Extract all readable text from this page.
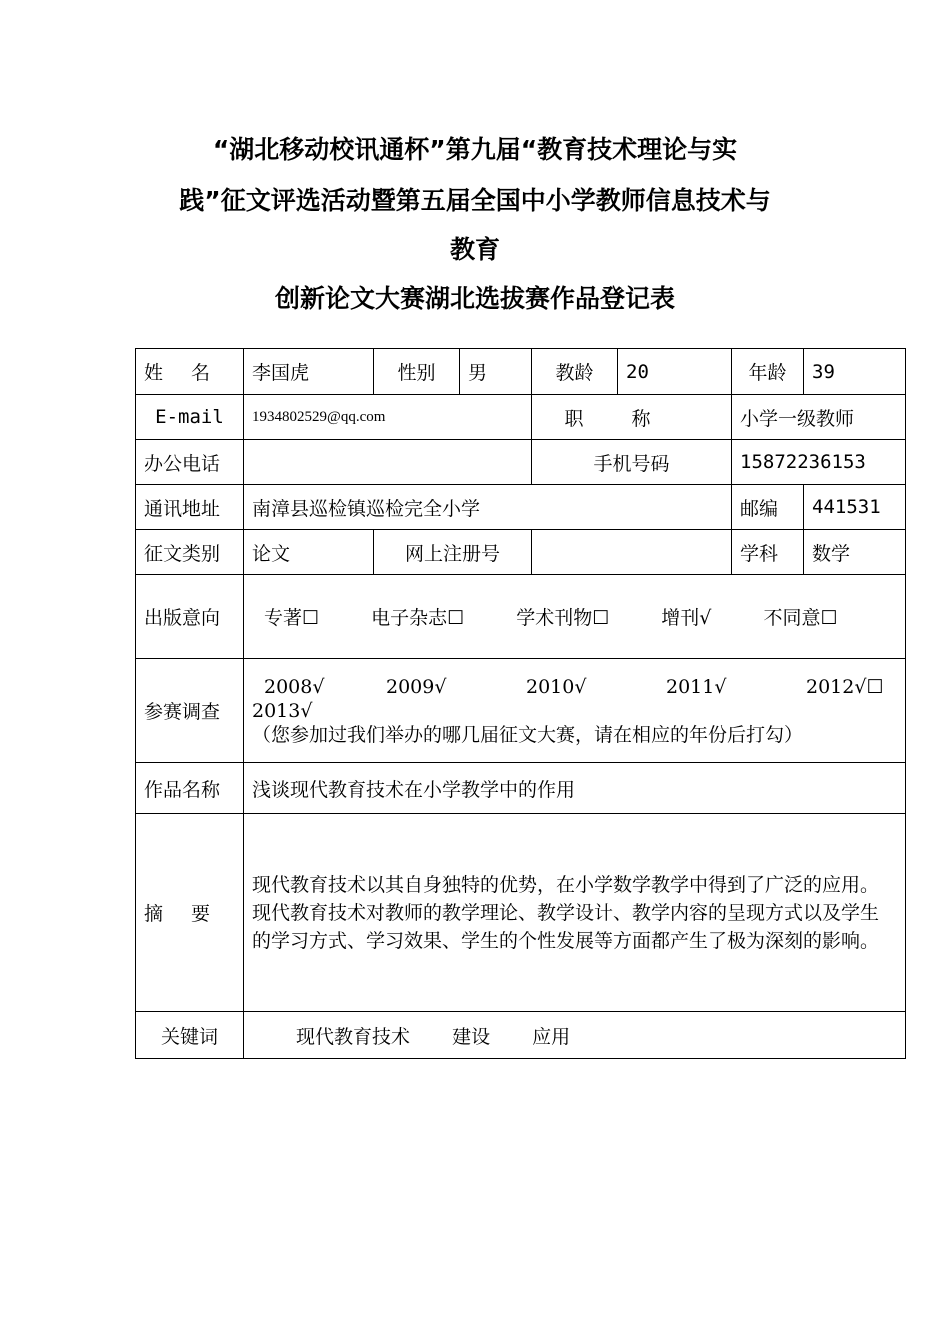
“湖北移动校讯通杯”第九届“教育技术理论与实
践”征文评选活动暨第五届全国中小学教师信息技术与
教育
创新论文大赛湖北选拔赛作品登记表
姓名	李国虎	性别	男	教龄	20	年龄	39
E-mail	1934802529@qq.com			职称		小学一级教师	
办公电话				手机号码		15872236153	
通讯地址	南漳县巡检镇巡检完全小学					邮编	441531
征文类别	论文	网上注册号				学科	数学
出版意向	专著☐ 电子杂志☐ 学术刊物☐ 增刊√ 不同意☐						
参赛调查	2008√ 2009√ 2010√ 2011√ 2012√☐
2013√
（您参加过我们举办的哪几届征文大赛，请在相应的年份后打勾）						

作品名称	浅谈现代教育技术在小学教学中的作用						
摘要	现代教育技术以其自身独特的优势，在小学数学教学中得到了广泛的应用。现代教育技术对教师的教学理论、教学设计、教学内容的呈现方式以及学生的学习方式、学习效果、学生的个性发展等方面都产生了极为深刻的影响。						
关键词	现代教育技术 建设 应用						
